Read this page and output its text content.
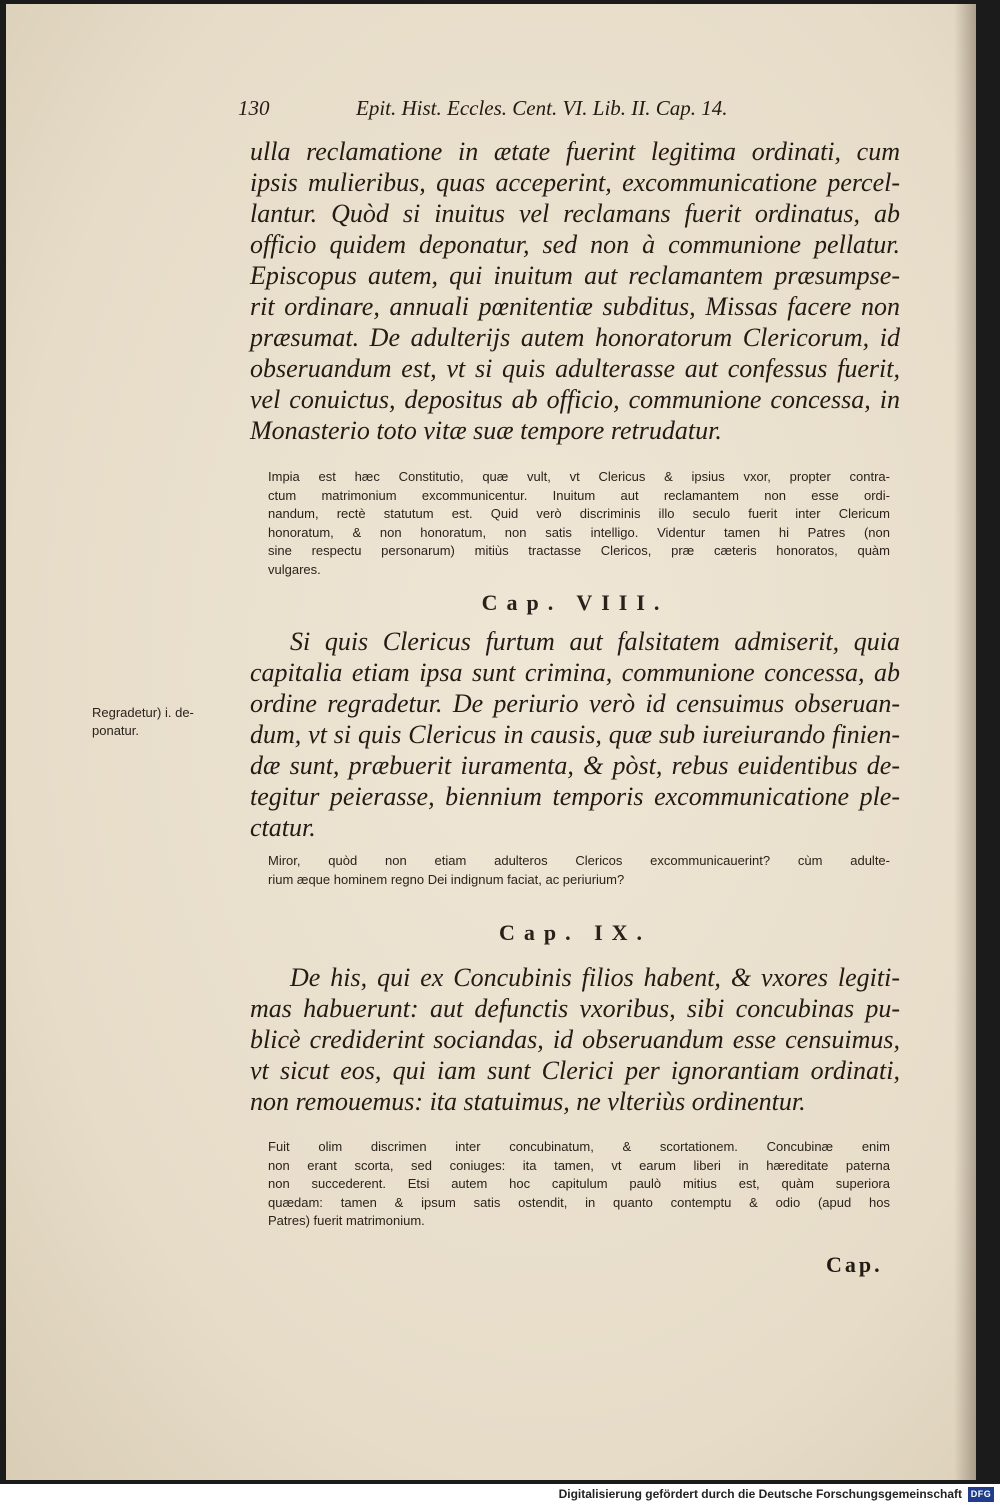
130	Epit. Hist. Eccles. Cent. VI. Lib. II. Cap. 14.
ulla reclamatione in ætate fuerint legitima ordinati, cum
ipsis mulieribus, quas acceperint, excommunicatione percel-
lantur. Quòd si inuitus vel reclamans fuerit ordinatus, ab
officio quidem deponatur, sed non à communione pellatur.
Episcopus autem, qui inuitum aut reclamantem præsumpse-
rit ordinare, annuali pœnitentiæ subditus, Missas facere non
præsumat. De adulterijs autem honoratorum Clericorum, id
obseruandum est, vt si quis adulterasse aut confessus fuerit,
vel conuictus, depositus ab officio, communione concessa, in
Monasterio toto vitæ suæ tempore retrudatur.
Impia est hæc Constitutio, quæ vult, vt Clericus & ipsius vxor, propter contra-
ctum matrimonium excommunicentur. Inuitum aut reclamantem non esse ordi-
nandum, rectè statutum est. Quid verò discriminis illo seculo fuerit inter Clericum
honoratum, & non honoratum, non satis intelligo. Videntur tamen hi Patres (non
sine respectu personarum) mitiùs tractasse Clericos, præ cæteris honoratos, quàm
vulgares.
Cap. VIII.
Si quis Clericus furtum aut falsitatem admiserit, quia
capitalia etiam ipsa sunt crimina, communione concessa, ab
ordine regradetur. De periurio verò id censuimus obseruan-
dum, vt si quis Clericus in causis, quæ sub iureiurando finien-
dæ sunt, præbuerit iuramenta, & pòst, rebus euidentibus de-
tegitur peierasse, biennium temporis excommunicatione ple-
ctatur.
Regradetur) i. de-
ponatur.
Miror, quòd non etiam adulteros Clericos excommunicauerint? cùm adulte-
rium æque hominem regno Dei indignum faciat, ac periurium?
Cap. IX.
De his, qui ex Concubinis filios habent, & vxores legiti-
mas habuerunt: aut defunctis vxoribus, sibi concubinas pu-
blicè crediderint sociandas, id obseruandum esse censuimus,
vt sicut eos, qui iam sunt Clerici per ignorantiam ordinati,
non remouemus: ita statuimus, ne vlteriùs ordinentur.
Fuit olim discrimen inter concubinatum, & scortationem. Concubinæ enim
non erant scorta, sed coniuges: ita tamen, vt earum liberi in hæreditate paterna
non succederent. Etsi autem hoc capitulum paulò mitius est, quàm superiora
quædam: tamen & ipsum satis ostendit, in quanto contemptu & odio (apud hos
Patres) fuerit matrimonium.
Cap.
Digitalisierung gefördert durch die Deutsche Forschungsgemeinschaft DFG
